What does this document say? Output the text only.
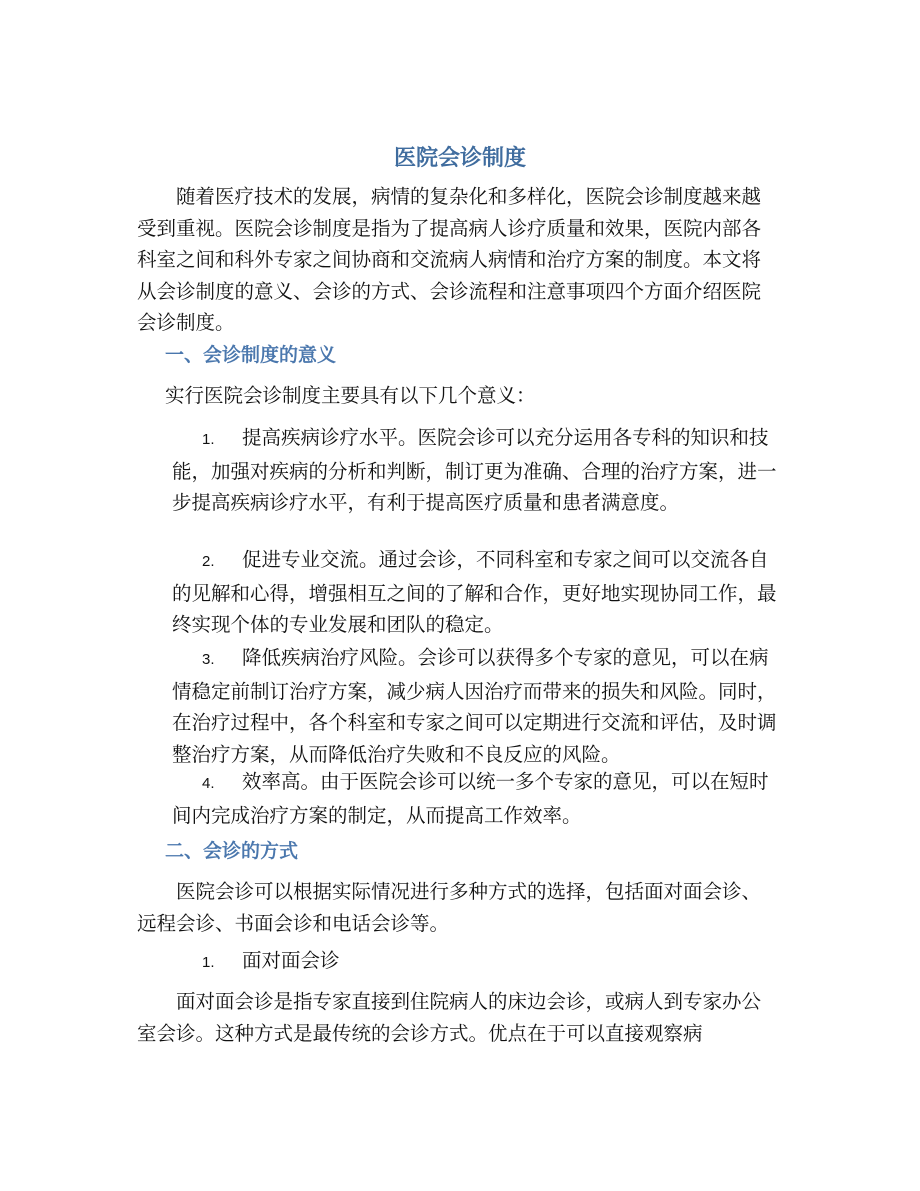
医院会诊制度

随着医疗技术的发展，病情的复杂化和多样化，医院会诊制度越来越受到重视。医院会诊制度是指为了提高病人诊疗质量和效果，医院内部各科室之间和科外专家之间协商和交流病人病情和治疗方案的制度。本文将从会诊制度的意义、会诊的方式、会诊流程和注意事项四个方面介绍医院会诊制度。

一、会诊制度的意义

实行医院会诊制度主要具有以下几个意义：

1. 提高疾病诊疗水平。医院会诊可以充分运用各专科的知识和技能，加强对疾病的分析和判断，制订更为准确、合理的治疗方案，进一步提高疾病诊疗水平，有利于提高医疗质量和患者满意度。

2. 促进专业交流。通过会诊，不同科室和专家之间可以交流各自的见解和心得，增强相互之间的了解和合作，更好地实现协同工作，最终实现个体的专业发展和团队的稳定。

3. 降低疾病治疗风险。会诊可以获得多个专家的意见，可以在病情稳定前制订治疗方案，减少病人因治疗而带来的损失和风险。同时，在治疗过程中，各个科室和专家之间可以定期进行交流和评估，及时调整治疗方案，从而降低治疗失败和不良反应的风险。

4. 效率高。由于医院会诊可以统一多个专家的意见，可以在短时间内完成治疗方案的制定，从而提高工作效率。

二、会诊的方式

医院会诊可以根据实际情况进行多种方式的选择，包括面对面会诊、远程会诊、书面会诊和电话会诊等。

1. 面对面会诊

面对面会诊是指专家直接到住院病人的床边会诊，或病人到专家办公室会诊。这种方式是最传统的会诊方式。优点在于可以直接观察病
